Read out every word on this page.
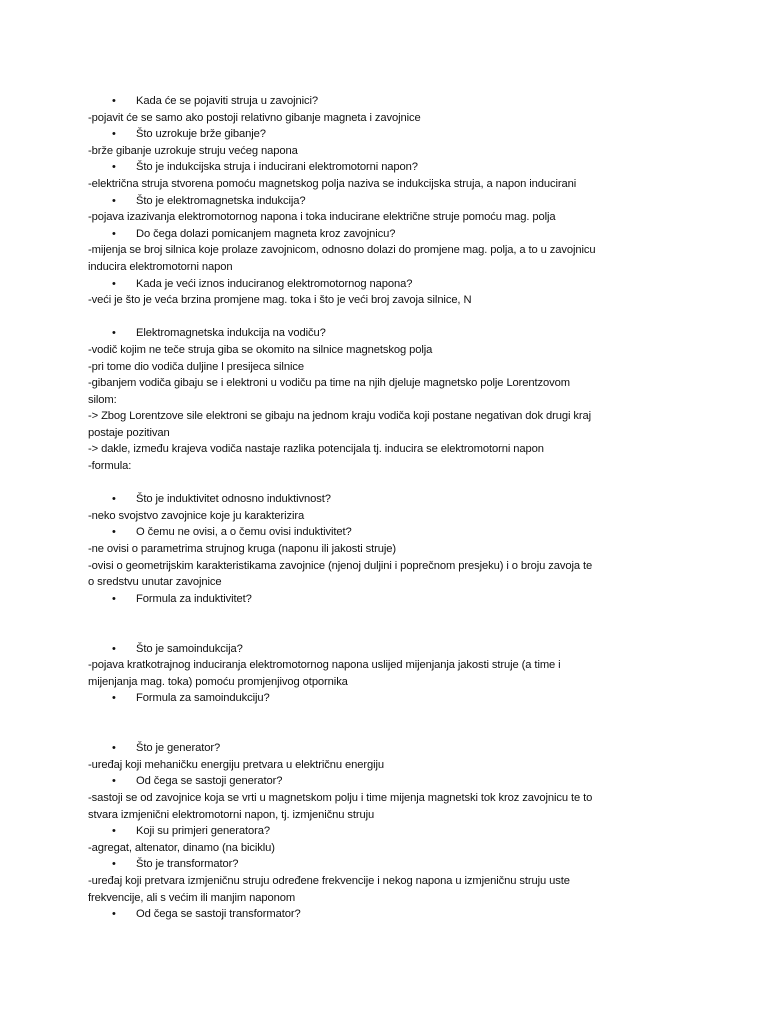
• Kada će se pojaviti struja u zavojnici?
-pojavit će se samo ako postoji relativno gibanje magneta i zavojnice
• Što uzrokuje brže gibanje?
-brže gibanje uzrokuje struju većeg napona
• Što je indukcijska struja i inducirani elektromotorni napon?
-električna struja stvorena pomoću magnetskog polja naziva se indukcijska struja, a napon inducirani
• Što je elektromagnetska indukcija?
-pojava izazivanja elektromotornog napona i toka inducirane električne struje pomoću mag. polja
• Do čega dolazi pomicanjem magneta kroz zavojnicu?
-mijenja se broj silnica koje prolaze zavojnicom, odnosno dolazi do promjene mag. polja, a to u zavojnicu
inducira elektromotorni napon
• Kada je veći iznos induciranog elektromotornog napona?
-veći je što je veća brzina promjene mag. toka i što je veći broj zavoja silnice, N
• Elektromagnetska indukcija na vodiču?
-vodič kojim ne teče struja giba se okomito na silnice magnetskog polja
-pri tome dio vodiča duljine l presijeca silnice
-gibanjem vodiča gibaju se i elektroni u vodiču pa time na njih djeluje magnetsko polje Lorentzovom
silom:
-> Zbog Lorentzove sile elektroni se gibaju na jednom kraju vodiča koji postane negativan dok drugi kraj
postaje pozitivan
-> dakle, između krajeva vodiča nastaje razlika potencijala tj. inducira se elektromotorni napon
-formula:
• Što je induktivitet odnosno induktivnost?
-neko svojstvo zavojnice koje ju karakterizira
• O čemu ne ovisi, a o čemu ovisi induktivitet?
-ne ovisi o parametrima strujnog kruga (naponu ili jakosti struje)
-ovisi o geometrijskim karakteristikama zavojnice (njenoj duljini i poprečnom presjeku) i o broju zavoja te
o sredstvu unutar zavojnice
• Formula za induktivitet?
• Što je samoindukcija?
-pojava kratkotrajnog induciranja elektromotornog napona uslijed mijenjanja jakosti struje (a time i
mijenjanja mag. toka) pomoću promjenjivog otpornika
• Formula za samoindukciju?
• Što je generator?
-uređaj koji mehaničku energiju pretvara u električnu energiju
• Od čega se sastoji generator?
-sastoji se od zavojnice koja se vrti u magnetskom polju i time mijenja magnetski tok kroz zavojnicu te to
stvara izmjenični elektromotorni napon, tj. izmjeničnu struju
• Koji su primjeri generatora?
-agregat, altenator, dinamo (na biciklu)
• Što je transformator?
-uređaj koji pretvara izmjeničnu struju određene frekvencije i nekog napona u izmjeničnu struju uste
frekvencije, ali s većim ili manjim naponom
• Od čega se sastoji transformator?
